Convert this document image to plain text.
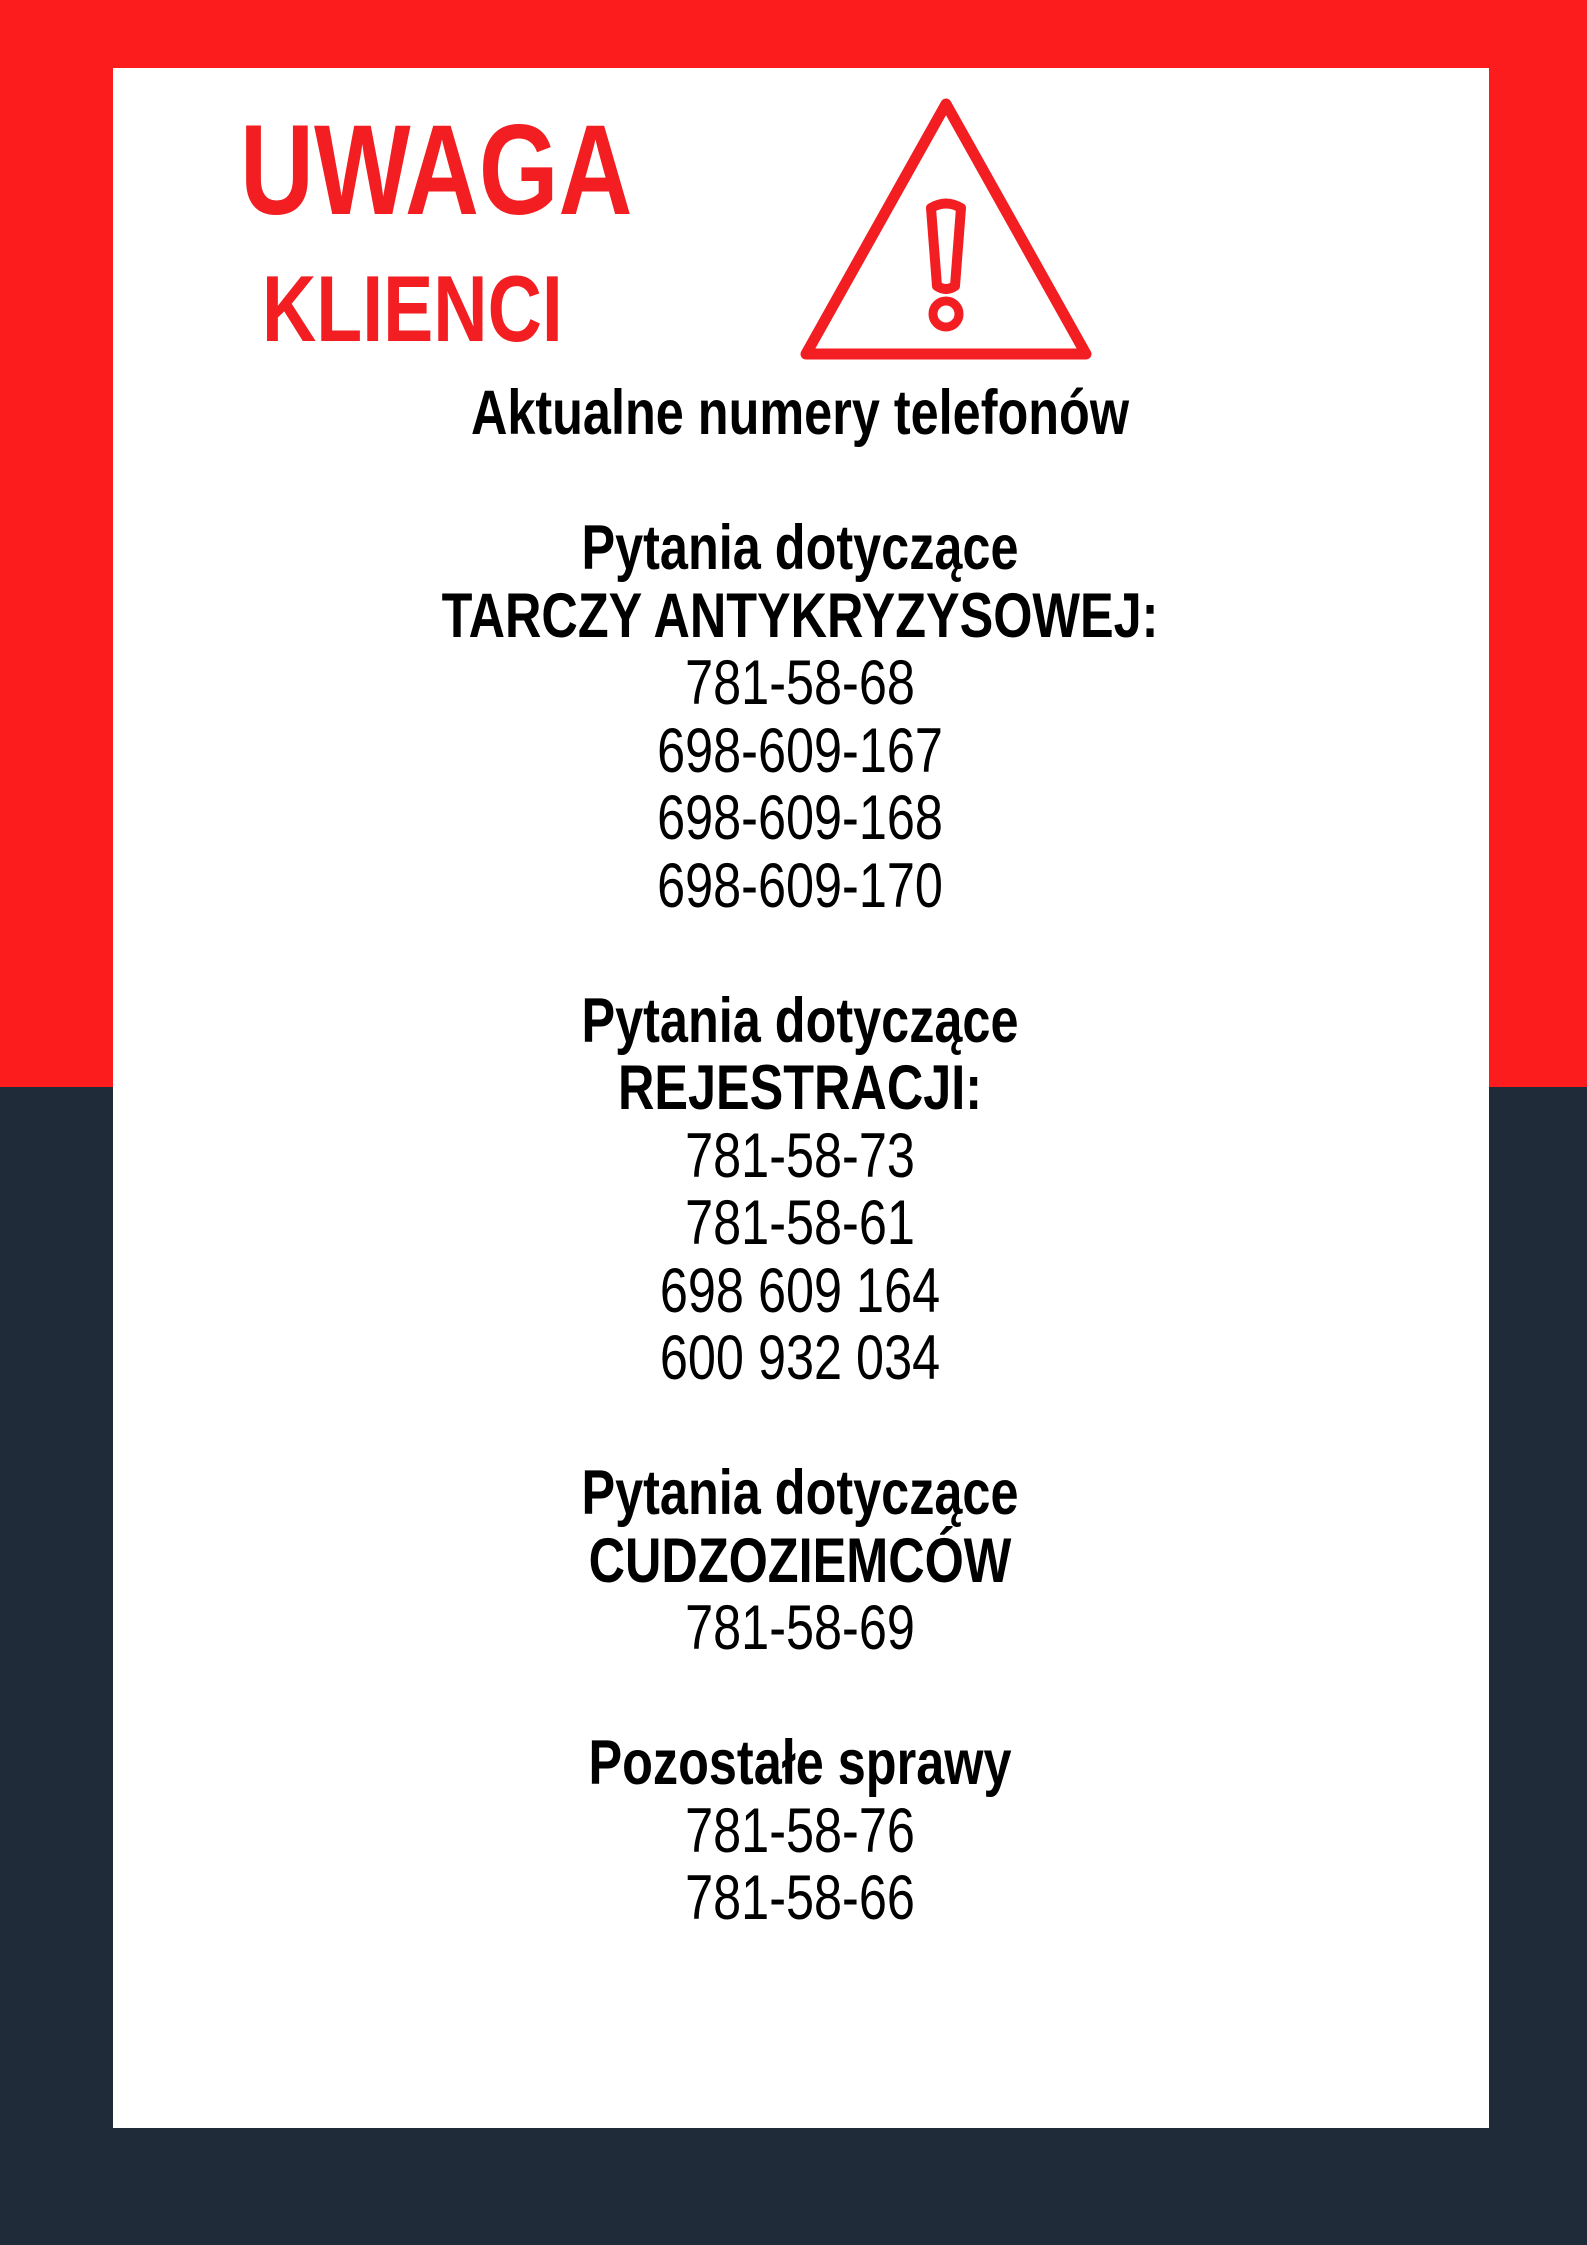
UWAGA
KLIENCI
Aktualne numery telefonów
Pytania dotyczące
TARCZY ANTYKRYZYSOWEJ:
781-58-68
698-609-167
698-609-168
698-609-170
Pytania dotyczące
REJESTRACJI:
781-58-73
781-58-61
698 609 164
600 932 034
Pytania dotyczące
CUDZOZIEMCÓW
781-58-69
Pozostałe sprawy
781-58-76
781-58-66
